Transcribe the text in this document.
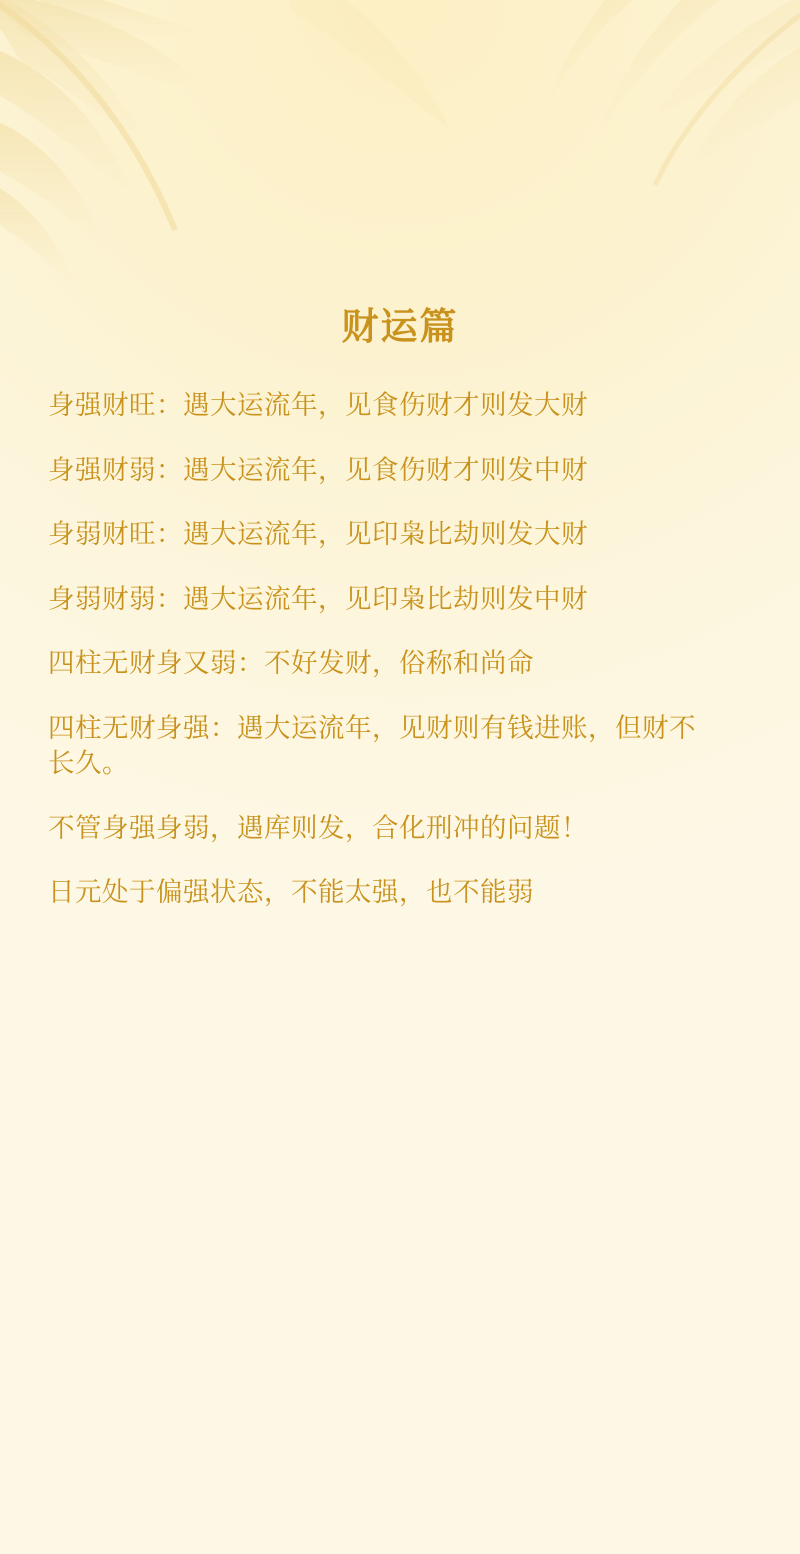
财运篇
身强财旺：遇大运流年，见食伤财才则发大财
身强财弱：遇大运流年，见食伤财才则发中财
身弱财旺：遇大运流年，见印枭比劫则发大财
身弱财弱：遇大运流年，见印枭比劫则发中财
四柱无财身又弱：不好发财，俗称和尚命
四柱无财身强：遇大运流年，见财则有钱进账，但财不长久。
不管身强身弱，遇库则发，合化刑冲的问题！
日元处于偏强状态，不能太强，也不能弱
